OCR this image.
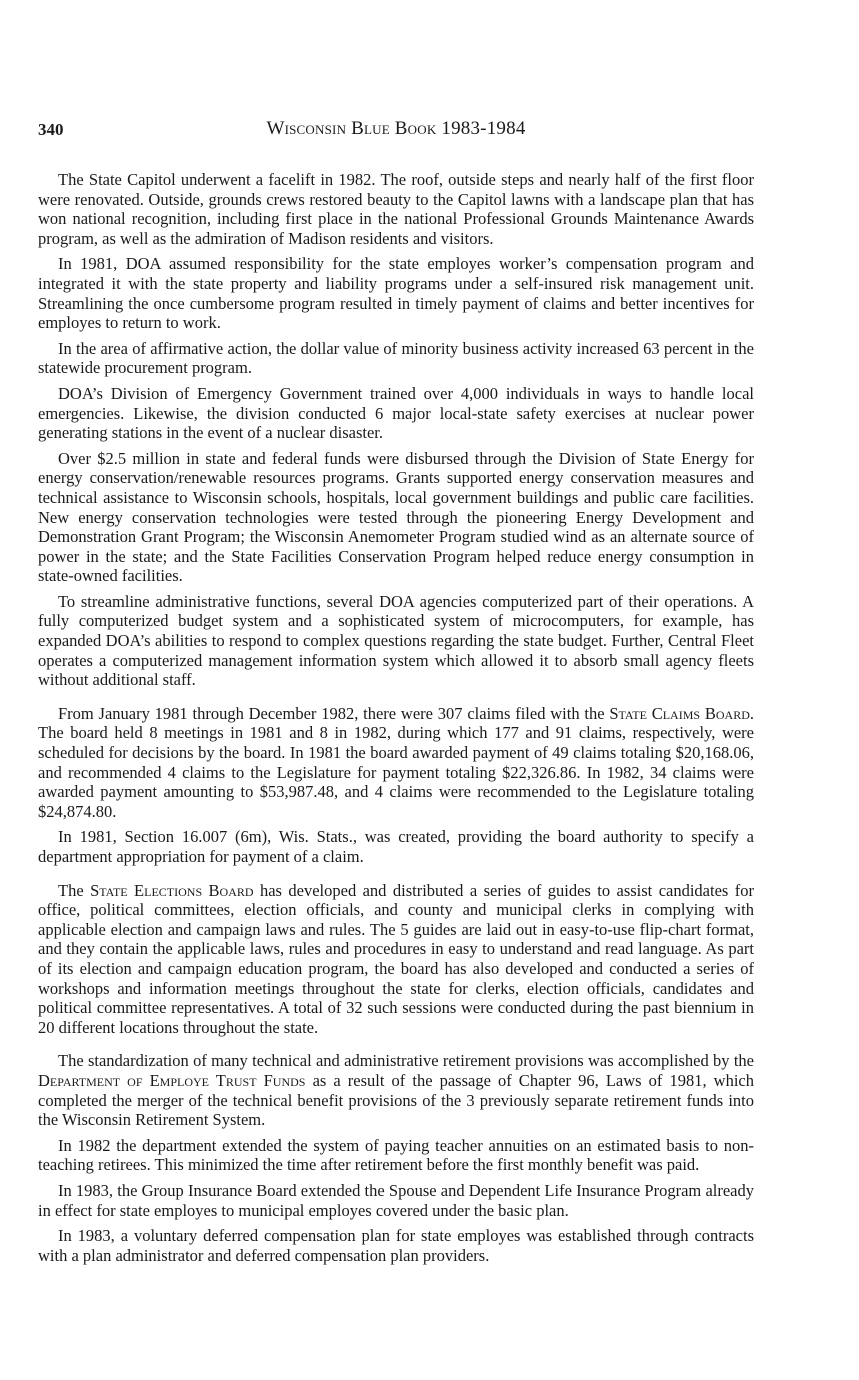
340	Wisconsin Blue Book 1983-1984

The State Capitol underwent a facelift in 1982. The roof, outside steps and nearly half of the first floor were renovated. Outside, grounds crews restored beauty to the Capitol lawns with a landscape plan that has won national recognition, including first place in the national Professional Grounds Maintenance Awards program, as well as the admiration of Madison residents and visitors.

In 1981, DOA assumed responsibility for the state employes worker’s compensation program and integrated it with the state property and liability programs under a self-insured risk management unit. Streamlining the once cumbersome program resulted in timely payment of claims and better incentives for employes to return to work.

In the area of affirmative action, the dollar value of minority business activity increased 63 percent in the statewide procurement program.

DOA’s Division of Emergency Government trained over 4,000 individuals in ways to handle local emergencies. Likewise, the division conducted 6 major local-state safety exercises at nuclear power generating stations in the event of a nuclear disaster.

Over $2.5 million in state and federal funds were disbursed through the Division of State Energy for energy conservation/renewable resources programs. Grants supported energy conservation measures and technical assistance to Wisconsin schools, hospitals, local government buildings and public care facilities. New energy conservation technologies were tested through the pioneering Energy Development and Demonstration Grant Program; the Wisconsin Anemometer Program studied wind as an alternate source of power in the state; and the State Facilities Conservation Program helped reduce energy consumption in state-owned facilities.

To streamline administrative functions, several DOA agencies computerized part of their operations. A fully computerized budget system and a sophisticated system of microcomputers, for example, has expanded DOA’s abilities to respond to complex questions regarding the state budget. Further, Central Fleet operates a computerized management information system which allowed it to absorb small agency fleets without additional staff.

From January 1981 through December 1982, there were 307 claims filed with the State Claims Board. The board held 8 meetings in 1981 and 8 in 1982, during which 177 and 91 claims, respectively, were scheduled for decisions by the board. In 1981 the board awarded payment of 49 claims totaling $20,168.06, and recommended 4 claims to the Legislature for payment totaling $22,326.86. In 1982, 34 claims were awarded payment amounting to $53,987.48, and 4 claims were recommended to the Legislature totaling $24,874.80.

In 1981, Section 16.007 (6m), Wis. Stats., was created, providing the board authority to specify a department appropriation for payment of a claim.

The State Elections Board has developed and distributed a series of guides to assist candidates for office, political committees, election officials, and county and municipal clerks in complying with applicable election and campaign laws and rules. The 5 guides are laid out in easy-to-use flip-chart format, and they contain the applicable laws, rules and procedures in easy to understand and read language. As part of its election and campaign education program, the board has also developed and conducted a series of workshops and information meetings throughout the state for clerks, election officials, candidates and political committee representatives. A total of 32 such sessions were conducted during the past biennium in 20 different locations throughout the state.

The standardization of many technical and administrative retirement provisions was accomplished by the Department of Employe Trust Funds as a result of the passage of Chapter 96, Laws of 1981, which completed the merger of the technical benefit provisions of the 3 previously separate retirement funds into the Wisconsin Retirement System.

In 1982 the department extended the system of paying teacher annuities on an estimated basis to non-teaching retirees. This minimized the time after retirement before the first monthly benefit was paid.

In 1983, the Group Insurance Board extended the Spouse and Dependent Life Insurance Program already in effect for state employes to municipal employes covered under the basic plan.

In 1983, a voluntary deferred compensation plan for state employes was established through contracts with a plan administrator and deferred compensation plan providers.
